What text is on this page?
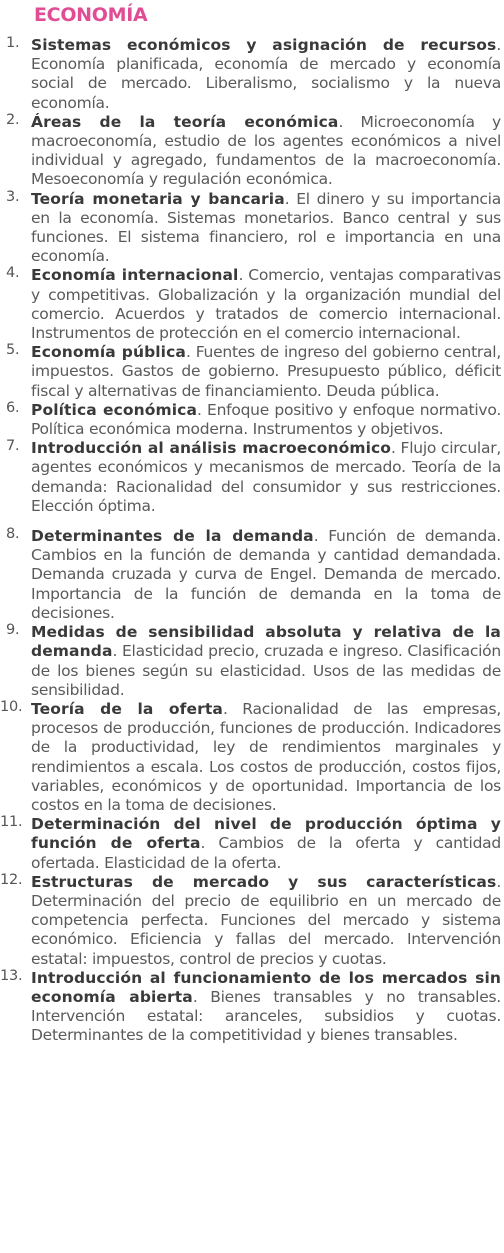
ECONOMÍA
1. Sistemas económicos y asignación de recursos. Economía planificada, economía de mercado y economía social de mercado. Liberalismo, socialismo y la nueva economía.
2. Áreas de la teoría económica. Microeconomía y macroeconomía, estudio de los agentes económicos a nivel individual y agregado, fundamentos de la macroeconomía. Mesoeconomía y regulación económica.
3. Teoría monetaria y bancaria. El dinero y su importancia en la economía. Sistemas monetarios. Banco central y sus funciones. El sistema financiero, rol e importancia en una economía.
4. Economía internacional. Comercio, ventajas comparativas y competitivas. Globalización y la organización mundial del comercio. Acuerdos y tratados de comercio internacional. Instrumentos de protección en el comercio internacional.
5. Economía pública. Fuentes de ingreso del gobierno central, impuestos. Gastos de gobierno. Presupuesto público, déficit fiscal y alternativas de financiamiento. Deuda pública.
6. Política económica. Enfoque positivo y enfoque normativo. Política económica moderna. Instrumentos y objetivos.
7. Introducción al análisis macroeconómico. Flujo circular, agentes económicos y mecanismos de mercado. Teoría de la demanda: Racionalidad del consumidor y sus restricciones. Elección óptima.
8. Determinantes de la demanda. Función de demanda. Cambios en la función de demanda y cantidad demandada. Demanda cruzada y curva de Engel. Demanda de mercado. Importancia de la función de demanda en la toma de decisiones.
9. Medidas de sensibilidad absoluta y relativa de la demanda. Elasticidad precio, cruzada e ingreso. Clasificación de los bienes según su elasticidad. Usos de las medidas de sensibilidad.
10. Teoría de la oferta. Racionalidad de las empresas, procesos de producción, funciones de producción. Indicadores de la productividad, ley de rendimientos marginales y rendimientos a escala. Los costos de producción, costos fijos, variables, económicos y de oportunidad. Importancia de los costos en la toma de decisiones.
11. Determinación del nivel de producción óptima y función de oferta. Cambios de la oferta y cantidad ofertada. Elasticidad de la oferta.
12. Estructuras de mercado y sus características. Determinación del precio de equilibrio en un mercado de competencia perfecta. Funciones del mercado y sistema económico. Eficiencia y fallas del mercado. Intervención estatal: impuestos, control de precios y cuotas.
13. Introducción al funcionamiento de los mercados sin economía abierta. Bienes transables y no transables. Intervención estatal: aranceles, subsidios y cuotas. Determinantes de la competitividad y bienes transables.
